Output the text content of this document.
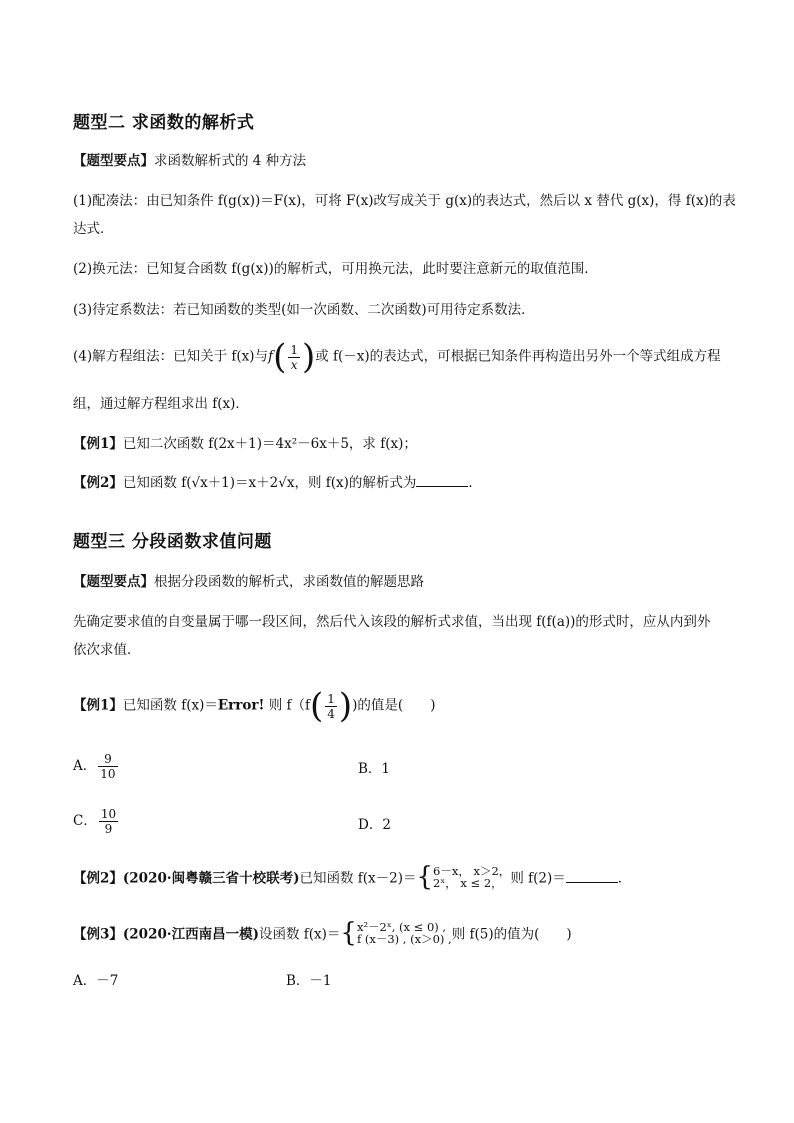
题型二 求函数的解析式
【题型要点】求函数解析式的 4 种方法
(1)配凑法：由已知条件 f(g(x))＝F(x)，可将 F(x)改写成关于 g(x)的表达式，然后以 x 替代 g(x)，得 f(x)的表
达式．
(2)换元法：已知复合函数 f(g(x))的解析式，可用换元法，此时要注意新元的取值范围．
(3)待定系数法：若已知函数的类型(如一次函数、二次函数)可用待定系数法．
(4)解方程组法：已知关于 f(x)与$f( \frac{1}{x}$ )或 f(－x)的表达式，可根据已知条件再构造出另外一个等式组成方程
组，通过解方程组求出 f(x)．
【例1】已知二次函数 f(2x＋1)＝4x²－6x＋5，求 f(x)；
【例2】已知函数 f(√x＋1)＝x＋2√x，则 f(x)的解析式为	．
题型三 分段函数求值问题
【题型要点】根据分段函数的解析式，求函数值的解题思路
先确定要求值的自变量属于哪一段区间，然后代入该段的解析式求值，当出现 f(f(a))的形式时，应从内到外
依次求值．
【例1】已知函数 f(x)＝Error! 则 $f(f( \frac{1}{4}$ ))的值是(　　)
A． $\frac{9}{10}$	B．1
C． $\frac{10}{9}$	D．2
【例2】(2020·闽粤赣三省十校联考)已知函数 f(x－2)＝{ 6－x， x＞2，
2ˣ， x ≤ 2， 则 f(2)＝	．
【例3】(2020·江西南昌一模)设函数 f(x)＝{ x²－2ˣ, (x ≤ 0) ,
f (x－3) , (x＞0) , 则 f(5)的值为(　　)
A．－7	B．－1
